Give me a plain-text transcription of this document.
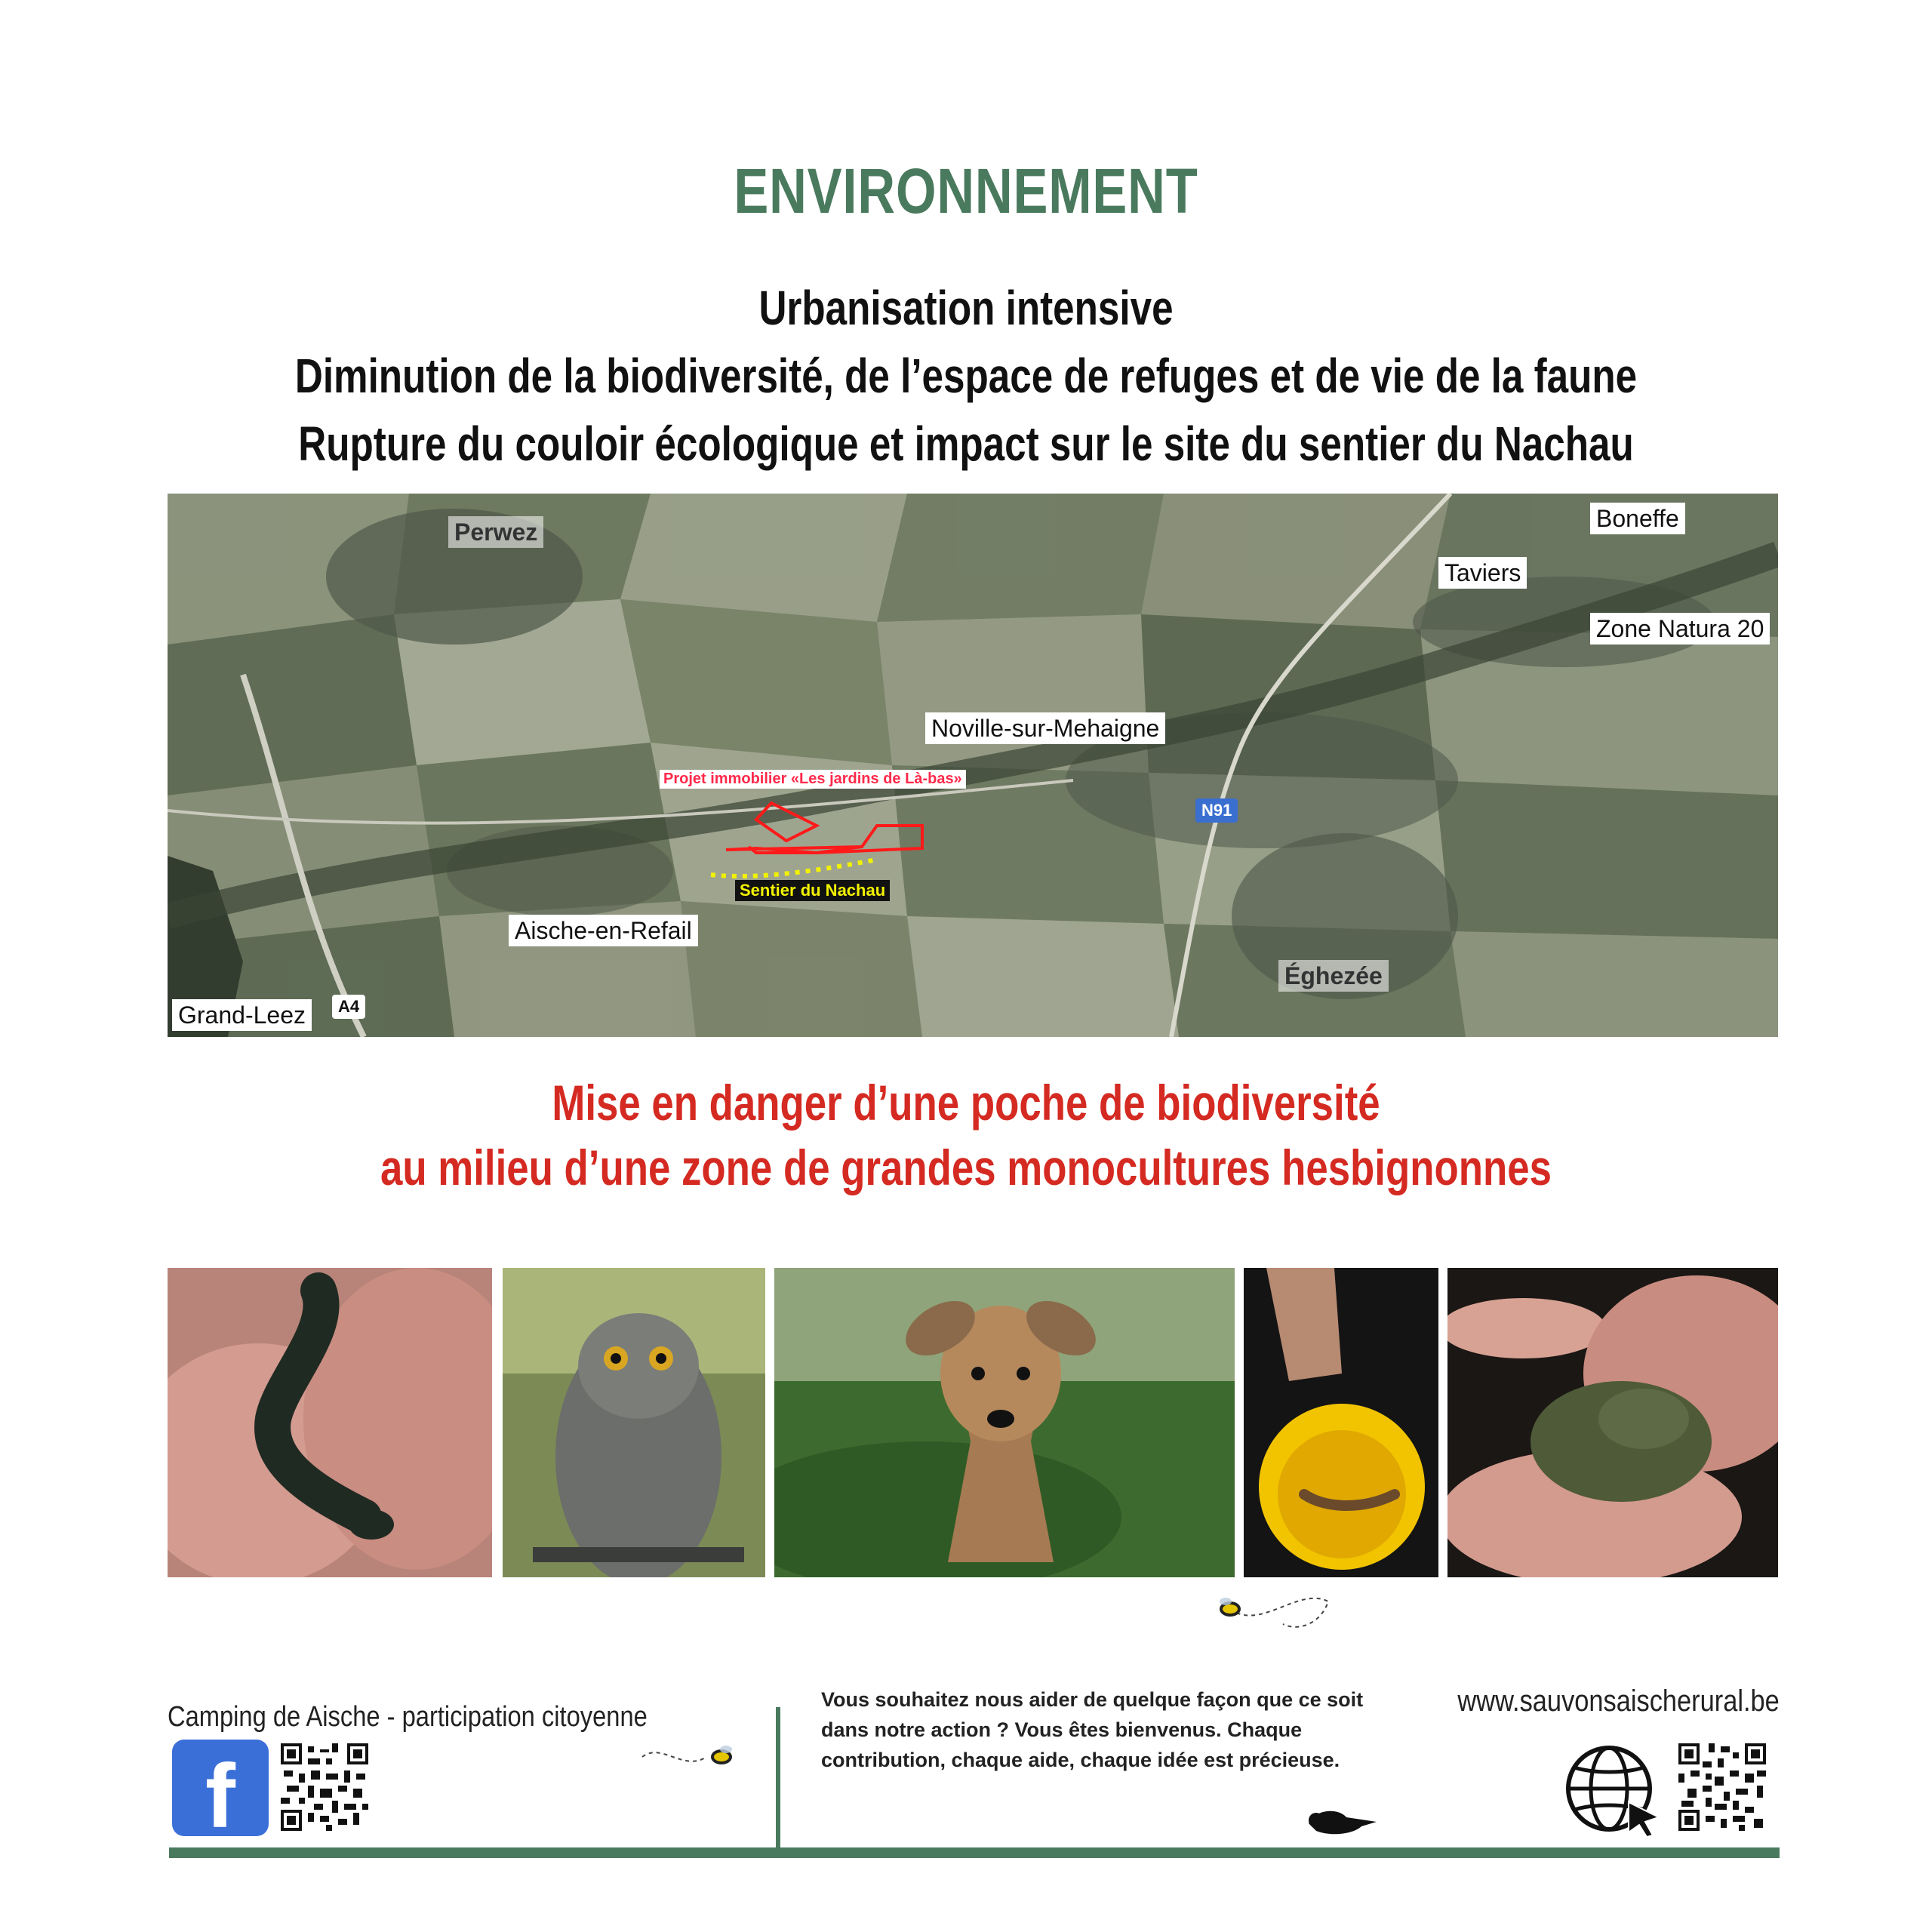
ENVIRONNEMENT
Urbanisation intensive
Diminution de la biodiversité, de l’espace de refuges et de vie de la faune
Rupture du couloir écologique et impact sur le site du sentier du Nachau
Perwez	Boneffe
Taviers
Zone Natura 20
Noville-sur-Mehaigne
Aische-en-Refail
Grand-Leez
Éghezée
N91
A4
Projet immobilier «Les jardins de Là-bas»
Sentier du Nachau
Mise en danger d’une poche de biodiversité
au milieu d’une zone de grandes monocultures hesbignonnes
Camping de Aische - participation citoyenne
f
Vous souhaitez nous aider de quelque façon que ce soit dans notre action ? Vous êtes bienvenus. Chaque contribution, chaque aide, chaque idée est précieuse.
www.sauvonsaischerural.be
